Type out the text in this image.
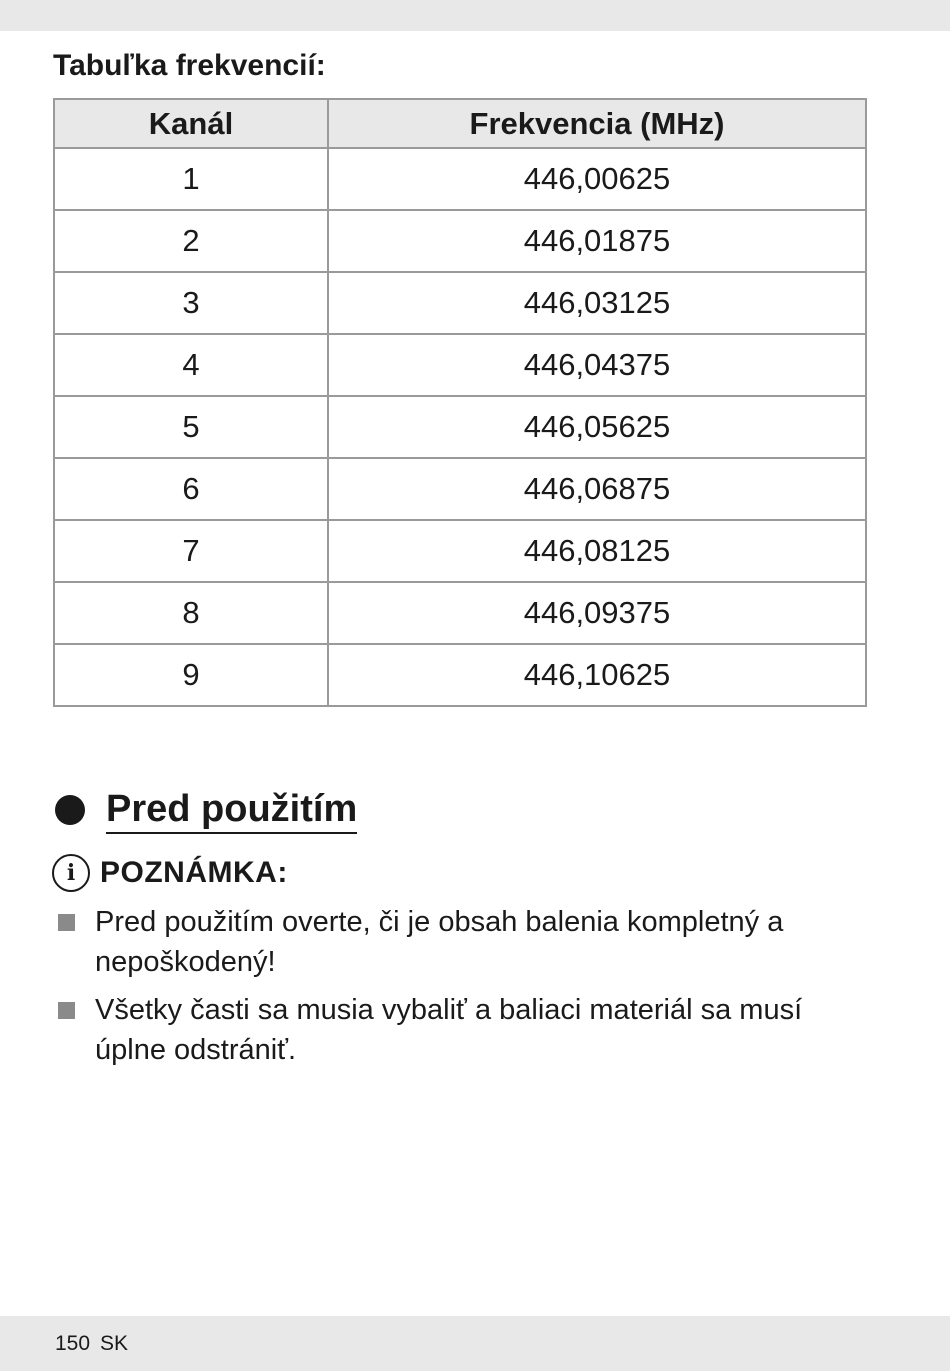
Tabuľka frekvencií:
Kanál	Frekvencia (MHz)
1	446,00625
2	446,01875
3	446,03125
4	446,04375
5	446,05625
6	446,06875
7	446,08125
8	446,09375
9	446,10625
Pred použitím
i POZNÁMKA:
Pred použitím overte, či je obsah balenia kompletný a nepoškodený!
Všetky časti sa musia vybaliť a baliaci materiál sa musí úplne odstrániť.
150 SK
